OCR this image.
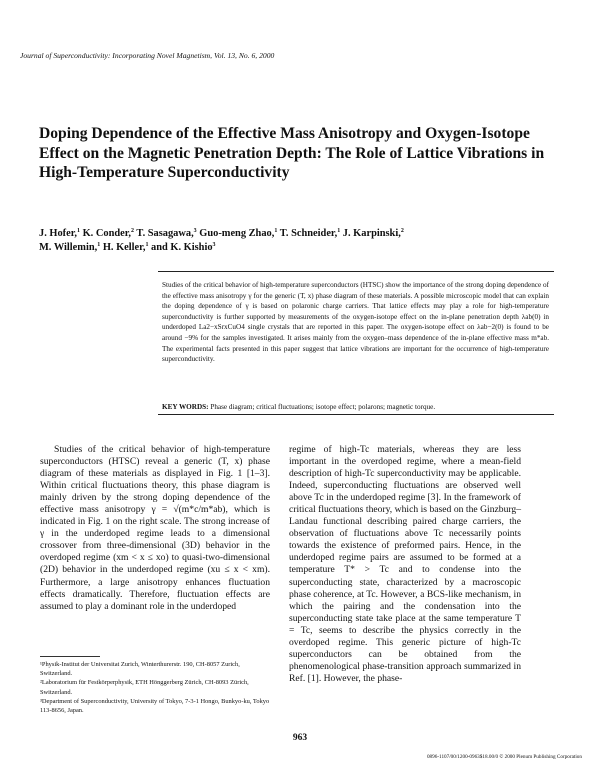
Journal of Superconductivity: Incorporating Novel Magnetism, Vol. 13, No. 6, 2000
Doping Dependence of the Effective Mass Anisotropy and Oxygen-Isotope Effect on the Magnetic Penetration Depth: The Role of Lattice Vibrations in High-Temperature Superconductivity
J. Hofer,$^1$ K. Conder,$^2$ T. Sasagawa,$^3$ Guo-meng Zhao,$^1$ T. Schneider,$^1$ J. Karpinski,$^2$
M. Willemin,$^1$ H. Keller,$^1$ and K. Kishio$^3$
Studies of the critical behavior of high-temperature superconductors (HTSC) show the importance of the strong doping dependence of the effective mass anisotropy γ for the generic (T, x) phase diagram of these materials. A possible microscopic model that can explain the doping dependence of γ is based on polaronic charge carriers. That lattice effects may play a role for high-temperature superconductivity is further supported by measurements of the oxygen-isotope effect on the in-plane penetration depth λab(0) in underdoped La2−xSrxCuO4 single crystals that are reported in this paper. The oxygen-isotope effect on λab−2(0) is found to be around −9% for the samples investigated. It arises mainly from the oxygen–mass dependence of the in-plane effective mass m*ab. The experimental facts presented in this paper suggest that lattice vibrations are important for the occurrence of high-temperature superconductivity.
KEY WORDS: Phase diagram; critical fluctuations; isotope effect; polarons; magnetic torque.
Studies of the critical behavior of high-temperature superconductors (HTSC) reveal a generic (T, x) phase diagram of these materials as displayed in Fig. 1 [1–3]. Within critical fluctuations theory, this phase diagram is mainly driven by the strong doping dependence of the effective mass anisotropy γ = √(m*c/m*ab), which is indicated in Fig. 1 on the right scale. The strong increase of γ in the underdoped regime leads to a dimensional crossover from three-dimensional (3D) behavior in the overdoped regime (xm < x ≤ xo) to quasi-two-dimensional (2D) behavior in the underdoped regime (xu ≤ x < xm). Furthermore, a large anisotropy enhances fluctuation effects dramatically. Therefore, fluctuation effects are assumed to play a dominant role in the underdoped
regime of high-Tc materials, whereas they are less important in the overdoped regime, where a mean-field description of high-Tc superconductivity may be applicable. Indeed, superconducting fluctuations are observed well above Tc in the underdoped regime [3]. In the framework of critical fluctuations theory, which is based on the Ginzburg–Landau functional describing paired charge carriers, the observation of fluctuations above Tc necessarily points towards the existence of preformed pairs. Hence, in the underdoped regime pairs are assumed to be formed at a temperature T* > Tc and to condense into the superconducting state, characterized by a macroscopic phase coherence, at Tc. However, a BCS-like mechanism, in which the pairing and the condensation into the superconducting state take place at the same temperature T = Tc, seems to describe the physics correctly in the overdoped regime. This generic picture of high-Tc superconductors can be obtained from the phenomenological phase-transition approach summarized in Ref. [1]. However, the phase-
¹Physik-Institut der Universitat Zurich, Winterthurerstr. 190, CH-8057 Zurich, Switzerland.
²Laboratorium für Festkörperphysik, ETH Hönggerberg Zürich, CH-8093 Zürich, Switzerland.
³Department of Superconductivity, University of Tokyo, 7-3-1 Hongo, Bunkyo-ku, Tokyo 113-8656, Japan.
963
0896-1107/00/1200-0963$18.00/0 © 2000 Plenum Publishing Corporation
